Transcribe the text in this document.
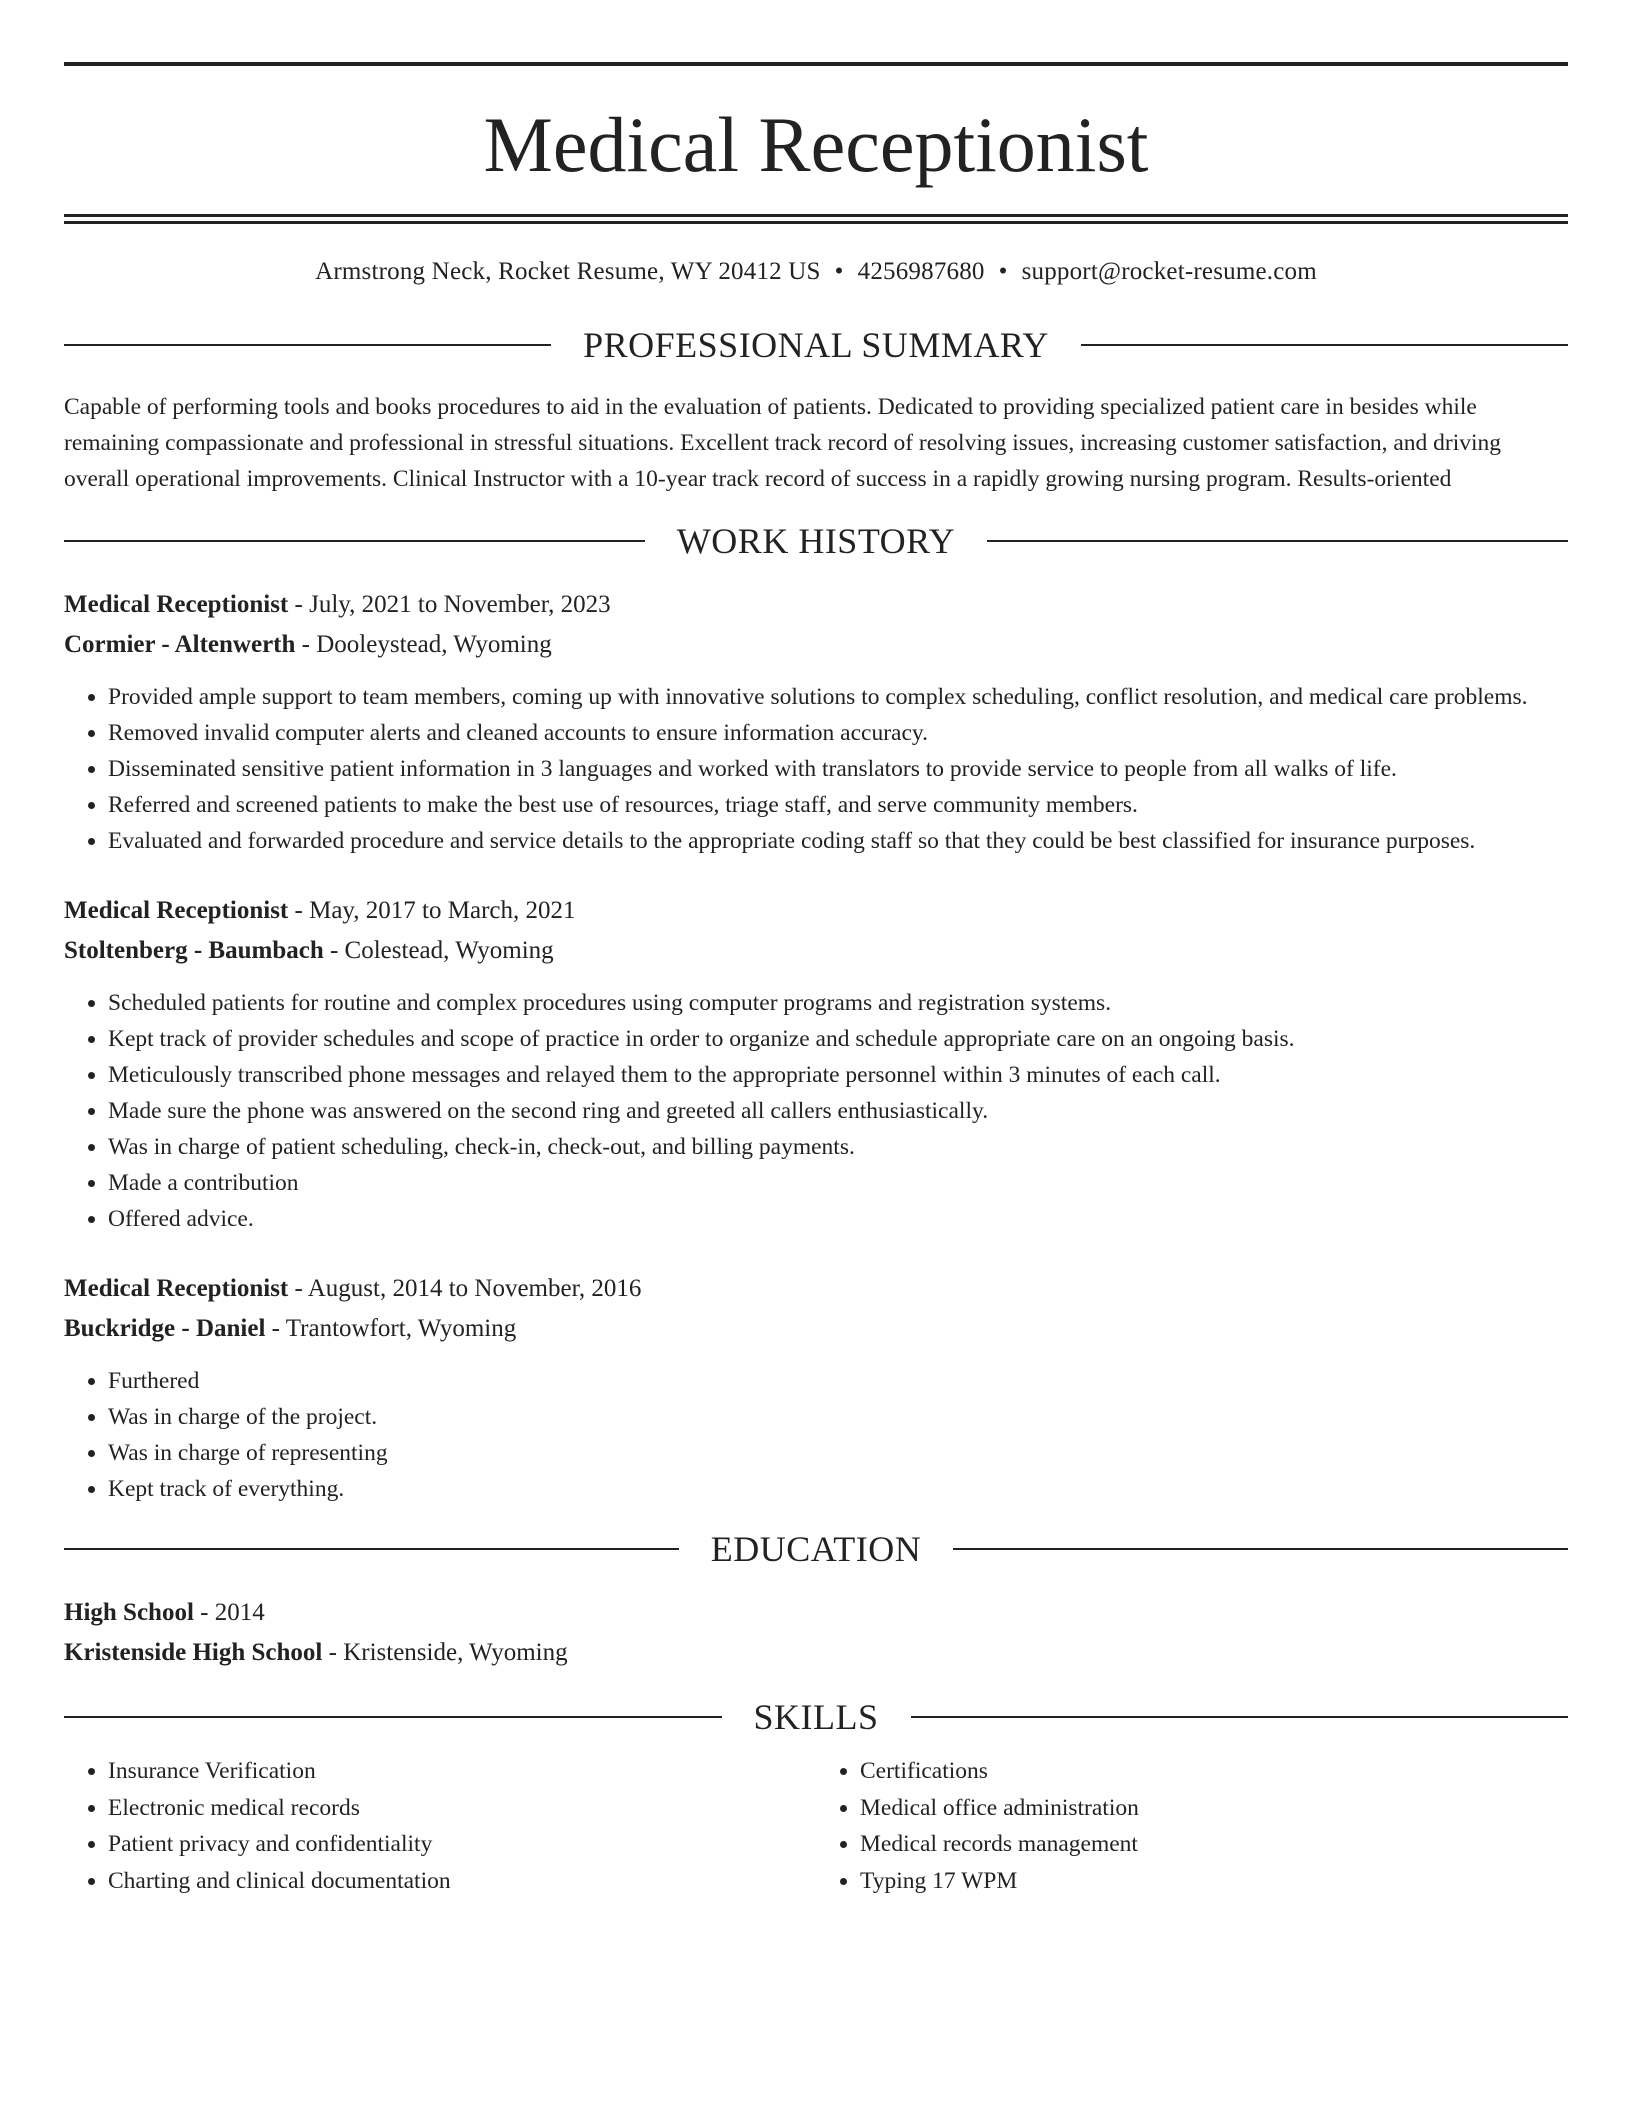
Medical Receptionist
Armstrong Neck, Rocket Resume, WY 20412 US • 4256987680 • support@rocket-resume.com
PROFESSIONAL SUMMARY

Capable of performing tools and books procedures to aid in the evaluation of patients. Dedicated to providing specialized patient care in besides while remaining compassionate and professional in stressful situations. Excellent track record of resolving issues, increasing customer satisfaction, and driving overall operational improvements. Clinical Instructor with a 10-year track record of success in a rapidly growing nursing program. Results-oriented

WORK HISTORY
Medical Receptionist - July, 2021 to November, 2023
Cormier - Altenwerth - Dooleystead, Wyoming
• Provided ample support to team members, coming up with innovative solutions to complex scheduling, conflict resolution, and medical care problems.
• Removed invalid computer alerts and cleaned accounts to ensure information accuracy.
• Disseminated sensitive patient information in 3 languages and worked with translators to provide service to people from all walks of life.
• Referred and screened patients to make the best use of resources, triage staff, and serve community members.
• Evaluated and forwarded procedure and service details to the appropriate coding staff so that they could be best classified for insurance purposes.
Medical Receptionist - May, 2017 to March, 2021
Stoltenberg - Baumbach - Colestead, Wyoming
• Scheduled patients for routine and complex procedures using computer programs and registration systems.
• Kept track of provider schedules and scope of practice in order to organize and schedule appropriate care on an ongoing basis.
• Meticulously transcribed phone messages and relayed them to the appropriate personnel within 3 minutes of each call.
• Made sure the phone was answered on the second ring and greeted all callers enthusiastically.
• Was in charge of patient scheduling, check-in, check-out, and billing payments.
• Made a contribution
• Offered advice.
Medical Receptionist - August, 2014 to November, 2016
Buckridge - Daniel - Trantowfort, Wyoming
• Furthered
• Was in charge of the project.
• Was in charge of representing
• Kept track of everything.
EDUCATION
High School - 2014
Kristenside High School - Kristenside, Wyoming
SKILLS
• Insurance Verification
• Electronic medical records
• Patient privacy and confidentiality
• Charting and clinical documentation
• Certifications
• Medical office administration
• Medical records management
• Typing 17 WPM
